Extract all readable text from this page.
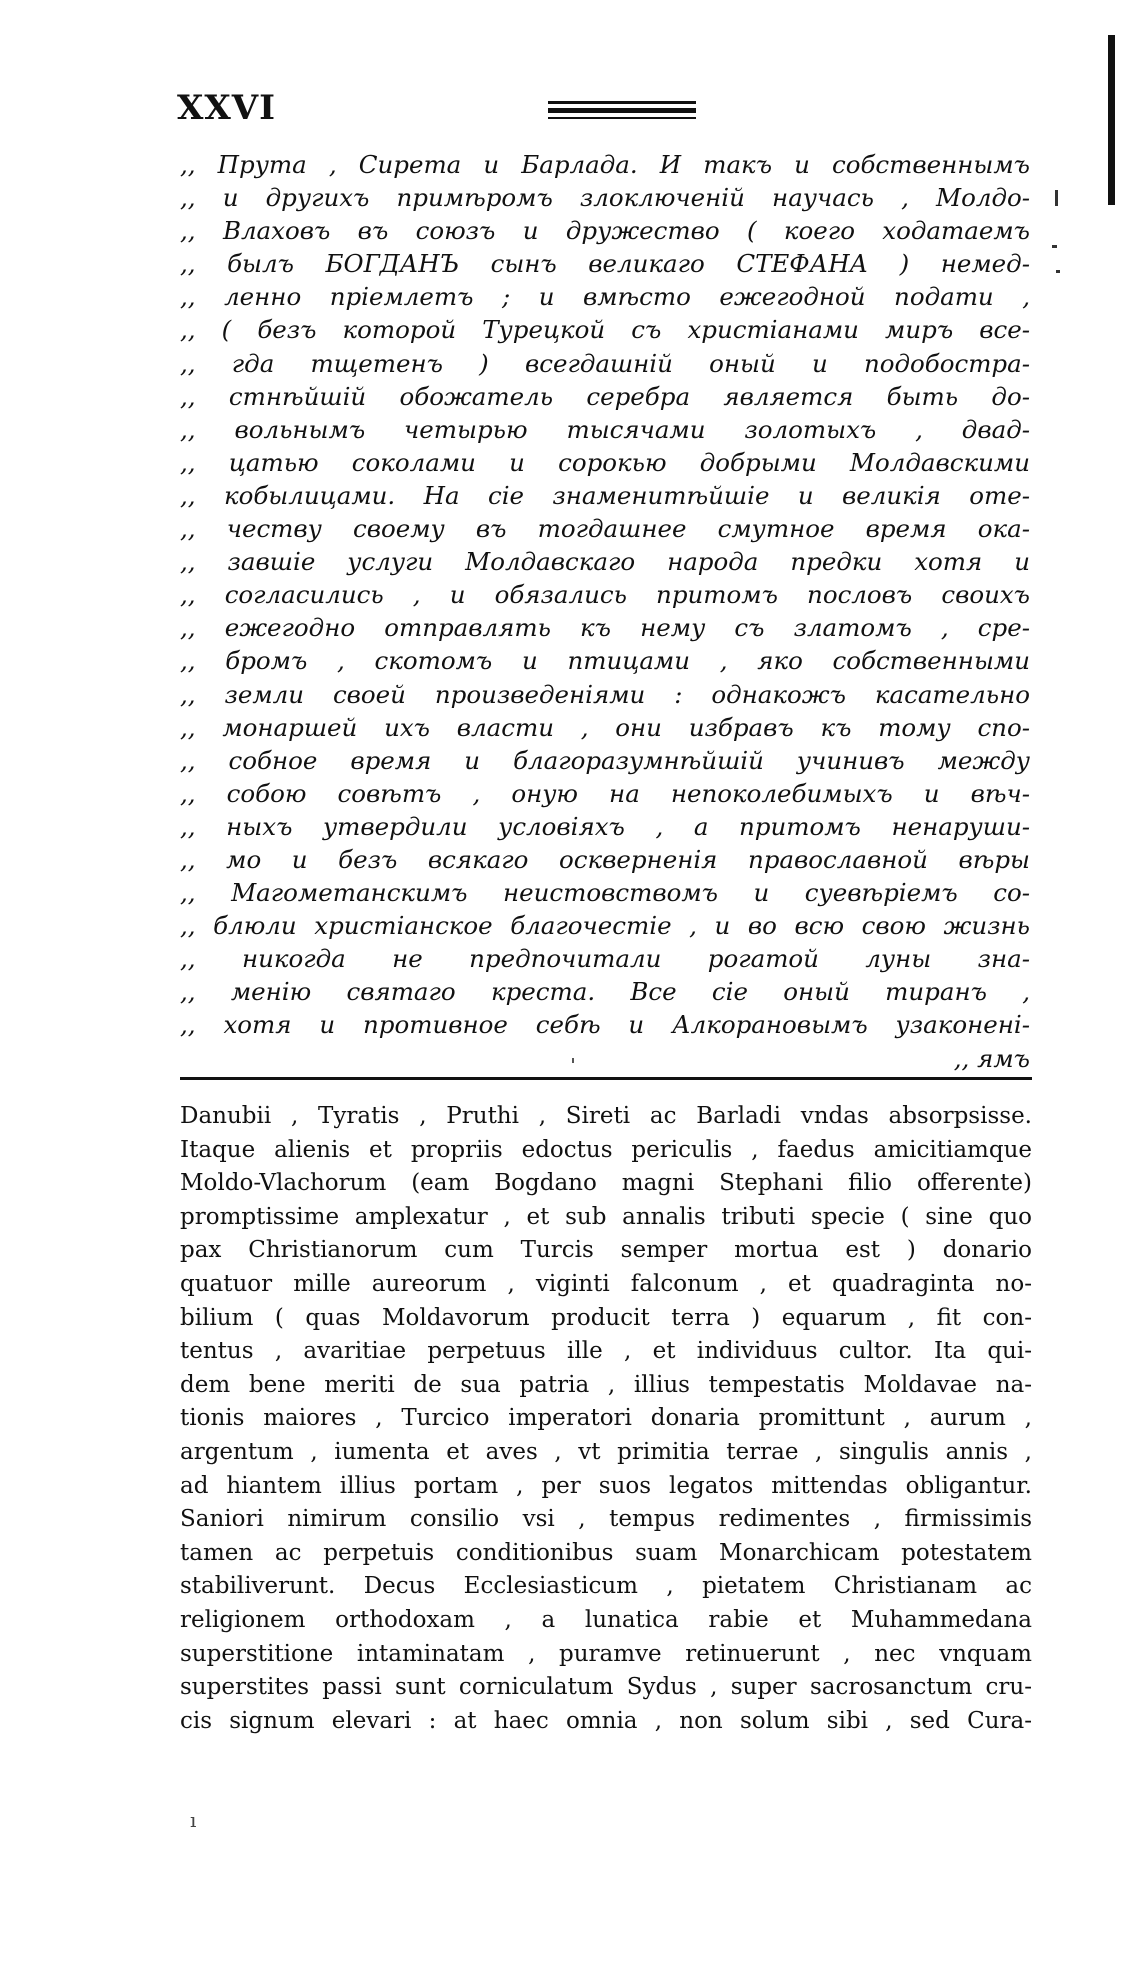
XXVI
,, Прута , Сирета и Барлада. И такъ и собственнымъ
,, и другихъ примѣромъ злоключеній научась , Молдо-
,, Влаховъ въ союзъ и дружество ( коего ходатаемъ
,, былъ БОГДАНЪ сынъ великаго СТЕФАНА ) немед-
,, ленно пріемлетъ ; и вмѣсто ежегодной подати ,
,, ( безъ которой Турецкой съ христіанами миръ все-
,, гда тщетенъ ) всегдашній оный и подобостра-
,, стнѣйшій обожатель серебра является быть до-
,, вольнымъ четырью тысячами золотыхъ , двад-
,, цатью соколами и сорокью добрыми Молдавскими
,, кобылицами. На сіе знаменитѣйшіе и великія оте-
,, честву своему въ тогдашнее смутное время ока-
,, завшіе услуги Молдавскаго народа предки хотя и
,, согласились , и обязались притомъ пословъ своихъ
,, ежегодно отправлять къ нему съ златомъ , сре-
,, бромъ , скотомъ и птицами , яко собственными
,, земли своей произведеніями : однакожъ касательно
,, монаршей ихъ власти , они избравъ къ тому спо-
,, собное время и благоразумнѣйшій учинивъ между
,, собою совѣтъ , оную на непоколебимыхъ и вѣч-
,, ныхъ утвердили условіяхъ , а притомъ ненаруши-
,, мо и безъ всякаго оскверненія православной вѣры
,, Магометанскимъ неистовствомъ и суевѣріемъ со-
,, блюли христіанское благочестіе , и во всю свою жизнь
,, никогда не предпочитали рогатой луны зна-
,, менію святаго креста. Все сіе оный тиранъ ,
,, хотя и противное себѣ и Алкорановымъ узаконені-
,, ямъ
Danubii , Tyratis , Pruthi , Sireti ac Barladi vndas absorpsisse.
Itaque alienis et propriis edoctus periculis , faedus amicitiamque
Moldo-Vlachorum (eam Bogdano magni Stephani filio offerente)
promptissime amplexatur , et sub annalis tributi specie ( sine quo
pax Christianorum cum Turcis semper mortua est ) donario
quatuor mille aureorum , viginti falconum , et quadraginta no-
bilium ( quas Moldavorum producit terra ) equarum , fit con-
tentus , avaritiae perpetuus ille , et individuus cultor. Ita qui-
dem bene meriti de sua patria , illius tempestatis Moldavae na-
tionis maiores , Turcico imperatori donaria promittunt , aurum ,
argentum , iumenta et aves , vt primitia terrae , singulis annis ,
ad hiantem illius portam , per suos legatos mittendas obligantur.
Saniori nimirum consilio vsi , tempus redimentes , firmissimis
tamen ac perpetuis conditionibus suam Monarchicam potestatem
stabiliverunt. Decus Ecclesiasticum , pietatem Christianam ac
religionem orthodoxam , a lunatica rabie et Muhammedana
superstitione intaminatam , puramve retinuerunt , nec vnquam
superstites passi sunt corniculatum Sydus , super sacrosanctum cru-
cis signum elevari : at haec omnia , non solum sibi , sed Cura-
ı
